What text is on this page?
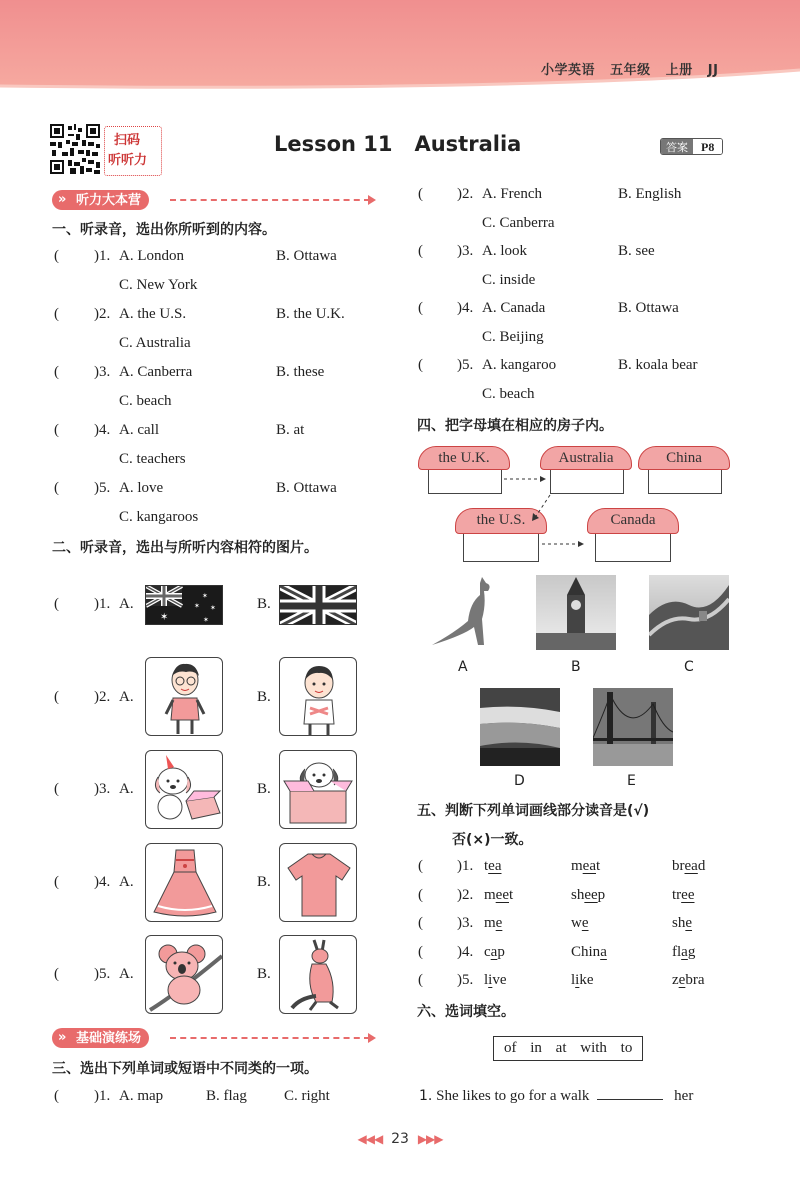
小学英语 五年级 上册 JJ
扫码
听听力
Lesson 11 Australia	答案	P8
» 听力大本营
一、听录音，选出你所听到的内容。
( )1. A. London	B. Ottawa
C. New York
( )2. A. the U.S.	B. the U.K.
C. Australia
( )3. A. Canberra	B. these
C. beach
( )4. A. call	B. at
C. teachers
( )5. A. love	B. Ottawa
C. kangaroos
二、听录音，选出与所听内容相符的图片。
( )1. A.	B.
( )2. A.	B.
( )3. A.	B.
( )4. A.	B.
( )5. A.	B.
✶
✶
✶ ✶
✶
» 基础演练场
三、选出下列单词或短语中不同类的一项。
( )1. A. map	B. flag C. right
( )2. A. French	B. English
C. Canberra
( )3. A. look	B. see
C. inside
( )4. A. Canada	B. Ottawa
C. Beijing
( )5. A. kangaroo	B. koala bear
C. beach
四、把字母填在相应的房子内。
the U.K.	Australia	China
the U.S.	Canada
A	B	C
D	E
五、判断下列单词画线部分读音是(√)
否(×)一致。
( )1. tea	meat	bread
( )2. meet	sheep	tree
( )3. me	we	she
( )4. cap	China	flag
( )5. live	like	zebra
六、选词填空。
of in at with to
1. She likes to go for a walk	her
◀◀◀ 23 ▶▶▶
